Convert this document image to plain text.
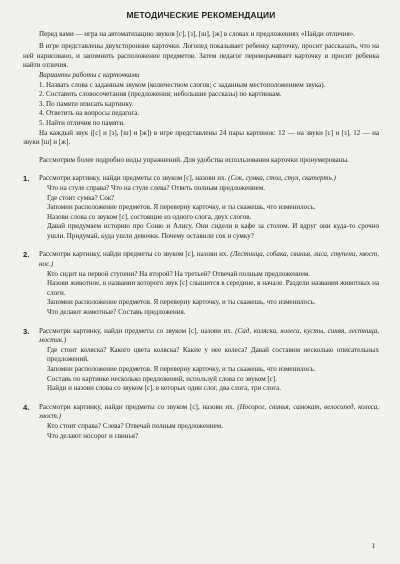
МЕТОДИЧЕСКИЕ РЕКОМЕНДАЦИИ

Перед вами — игра на автоматизацию звуков [с], [з], [ш], [ж] в словах и предложениях «Найди отличия».

В игре представлены двухсторонние карточки. Логопед показывает ребенку карточку, просит рассказать, что на ней нарисовано, и запомнить расположение предметов. Затем педагог переворачивает карточку и просит ребенка найти отличия.

Варианты работы с карточками

1. Назвать слова с заданным звуком (количеством слогов; с заданным местоположением звука).

2. Составить словосочетания (предложения; небольшие рассказы) по картинкам.

3. По памяти описать картинку.

4. Ответить на вопросы педагога.

5. Найти отличия по памяти.

На каждый звук ([с] и [з], [ш] и [ж]) в игре представлены 24 пары картинок: 12 — на звуки [с] и [з], 12 — на звуки [ш] и [ж].

Рассмотрим более подробно виды упражнений. Для удобства использования карточки пронумерованы.

1. Рассмотри картинку, найди предметы со звуком [с], назови их. (Сок, сумка, стол, стул, скатерть.)

Что на стуле справа? Что на стуле слева? Ответь полным предложением.

Где стоит сумка? Сок?

Запомни расположение предметов. Я переверну карточку, и ты скажешь, что изменилось.

Назови слова со звуком [с], состоящие из одного слога, двух слогов.

Давай придумаем историю про Соню и Алису. Они сидели в кафе за столом. И вдруг они куда-то срочно ушли. Придумай, куда ушли девочки. Почему оставили сок и сумку?

2. Рассмотри картинку, найди предметы со звуком [с], назови их. (Лестница, собака, свинья, лиса, ступени, хвост, нос.)

Кто сидит на первой ступени? На второй? На третьей? Отвечай полным предложением.

Назови животное, в названии которого звук [с] слышится в середине, в начале. Раздели названия животных на слоги.

Запомни расположение предметов. Я переверну карточку, и ты скажешь, что изменилось.

Что делают животные? Составь предложения.

3. Рассмотри картинку, найди предметы со звуком [с], назови их. (Сад, коляска, колеса, кусты, синяя, лестница, мостик.)

Где стоит коляска? Какого цвета коляска? Какие у нее колеса? Давай составим несколько описательных предложений.

Запомни расположение предметов. Я переверну карточку, и ты скажешь, что изменилось.

Составь по картинке несколько предложений, используй слова со звуком [с].

Найди и назови слова со звуком [с], в которых один слог, два слога, три слога.

4. Рассмотри картинку, найди предметы со звуком [с], назови их. (Носорог, свинья, самокат, велосипед, колеса, хвост.)

Кто стоит справа? Слева? Отвечай полным предложением.

Что делают носорог и свинья?

1
